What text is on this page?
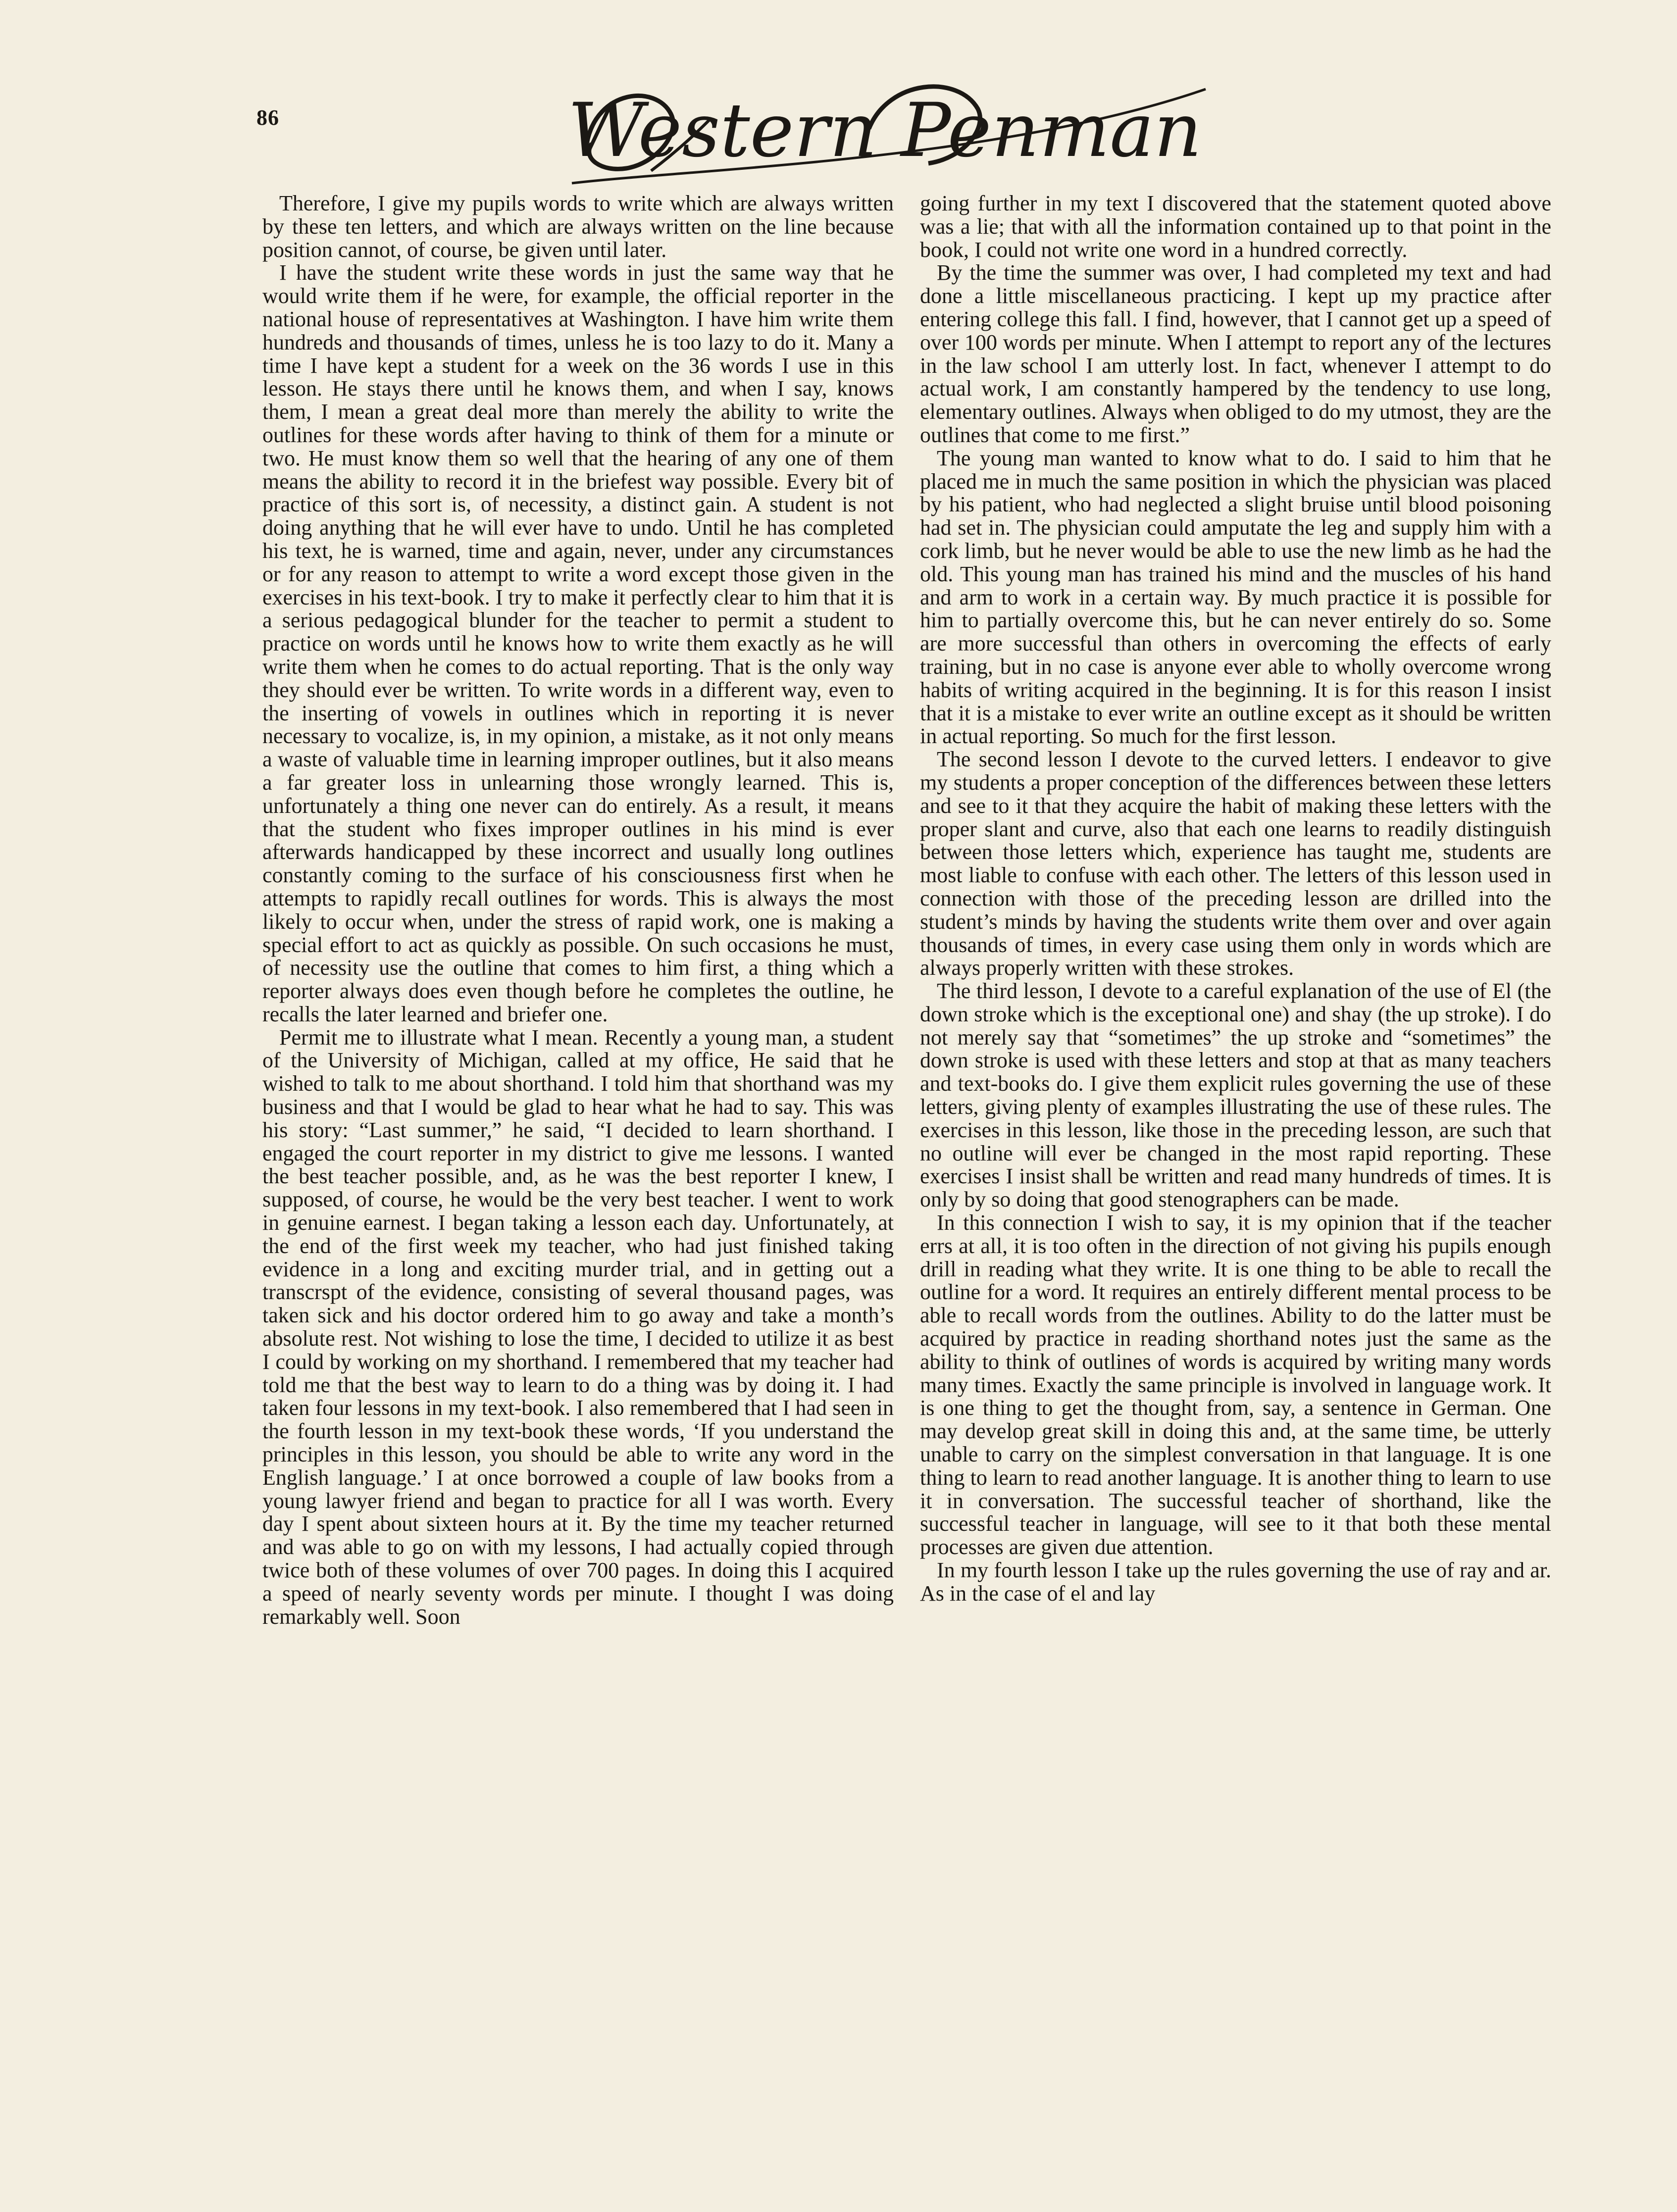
86	Western Penman

Therefore, I give my pupils words to write which are always written by these ten letters, and which are always written on the line because position cannot, of course, be given until later.

I have the student write these words in just the same way that he would write them if he were, for example, the official reporter in the national house of representatives at Washington. I have him write them hundreds and thousands of times, unless he is too lazy to do it. Many a time I have kept a student for a week on the 36 words I use in this lesson. He stays there until he knows them, and when I say, knows them, I mean a great deal more than merely the ability to write the outlines for these words after having to think of them for a minute or two. He must know them so well that the hearing of any one of them means the ability to record it in the briefest way possible. Every bit of practice of this sort is, of necessity, a distinct gain. A student is not doing anything that he will ever have to undo. Until he has completed his text, he is warned, time and again, never, under any circumstances or for any reason to attempt to write a word except those given in the exercises in his text-book. I try to make it perfectly clear to him that it is a serious pedagogical blunder for the teacher to permit a student to practice on words until he knows how to write them exactly as he will write them when he comes to do actual reporting. That is the only way they should ever be written. To write words in a different way, even to the inserting of vowels in outlines which in reporting it is never necessary to vocalize, is, in my opinion, a mistake, as it not only means a waste of valuable time in learning improper outlines, but it also means a far greater loss in unlearning those wrongly learned. This is, unfortunately a thing one never can do entirely. As a result, it means that the student who fixes improper outlines in his mind is ever afterwards handicapped by these incorrect and usually long outlines constantly coming to the surface of his consciousness first when he attempts to rapidly recall outlines for words. This is always the most likely to occur when, under the stress of rapid work, one is making a special effort to act as quickly as possible. On such occasions he must, of necessity use the outline that comes to him first, a thing which a reporter always does even though before he completes the outline, he recalls the later learned and briefer one.

Permit me to illustrate what I mean. Recently a young man, a student of the University of Michigan, called at my office, He said that he wished to talk to me about shorthand. I told him that shorthand was my business and that I would be glad to hear what he had to say. This was his story: “Last summer,” he said, “I decided to learn shorthand. I engaged the court reporter in my district to give me lessons. I wanted the best teacher possible, and, as he was the best reporter I knew, I supposed, of course, he would be the very best teacher. I went to work in genuine earnest. I began taking a lesson each day. Unfortunately, at the end of the first week my teacher, who had just finished taking evidence in a long and exciting murder trial, and in getting out a transcrspt of the evidence, consisting of several thousand pages, was taken sick and his doctor ordered him to go away and take a month’s absolute rest. Not wishing to lose the time, I decided to utilize it as best I could by working on my shorthand. I remembered that my teacher had told me that the best way to learn to do a thing was by doing it. I had taken four lessons in my text-book. I also remembered that I had seen in the fourth lesson in my text-book these words, ‘If you understand the principles in this lesson, you should be able to write any word in the English language.’ I at once borrowed a couple of law books from a young lawyer friend and began to practice for all I was worth. Every day I spent about sixteen hours at it. By the time my teacher returned and was able to go on with my lessons, I had actually copied through twice both of these volumes of over 700 pages. In doing this I acquired a speed of nearly seventy words per minute. I thought I was doing remarkably well. Soon

going further in my text I discovered that the statement quoted above was a lie; that with all the information contained up to that point in the book, I could not write one word in a hundred correctly.

By the time the summer was over, I had completed my text and had done a little miscellaneous practicing. I kept up my practice after entering college this fall. I find, however, that I cannot get up a speed of over 100 words per minute. When I attempt to report any of the lectures in the law school I am utterly lost. In fact, whenever I attempt to do actual work, I am constantly hampered by the tendency to use long, elementary outlines. Always when obliged to do my utmost, they are the outlines that come to me first.”

The young man wanted to know what to do. I said to him that he placed me in much the same position in which the physician was placed by his patient, who had neglected a slight bruise until blood poisoning had set in. The physician could amputate the leg and supply him with a cork limb, but he never would be able to use the new limb as he had the old. This young man has trained his mind and the muscles of his hand and arm to work in a certain way. By much practice it is possible for him to partially overcome this, but he can never entirely do so. Some are more successful than others in overcoming the effects of early training, but in no case is anyone ever able to wholly overcome wrong habits of writing acquired in the beginning. It is for this reason I insist that it is a mistake to ever write an outline except as it should be written in actual reporting. So much for the first lesson.

The second lesson I devote to the curved letters. I endeavor to give my students a proper conception of the differences between these letters and see to it that they acquire the habit of making these letters with the proper slant and curve, also that each one learns to readily distinguish between those letters which, experience has taught me, students are most liable to confuse with each other. The letters of this lesson used in connection with those of the preceding lesson are drilled into the student’s minds by having the students write them over and over again thousands of times, in every case using them only in words which are always properly written with these strokes.

The third lesson, I devote to a careful explanation of the use of El (the down stroke which is the exceptional one) and shay (the up stroke). I do not merely say that “sometimes” the up stroke and “sometimes” the down stroke is used with these letters and stop at that as many teachers and text-books do. I give them explicit rules governing the use of these letters, giving plenty of examples illustrating the use of these rules. The exercises in this lesson, like those in the preceding lesson, are such that no outline will ever be changed in the most rapid reporting. These exercises I insist shall be written and read many hundreds of times. It is only by so doing that good stenographers can be made.

In this connection I wish to say, it is my opinion that if the teacher errs at all, it is too often in the direction of not giving his pupils enough drill in reading what they write. It is one thing to be able to recall the outline for a word. It requires an entirely different mental process to be able to recall words from the outlines. Ability to do the latter must be acquired by practice in reading shorthand notes just the same as the ability to think of outlines of words is acquired by writing many words many times. Exactly the same principle is involved in language work. It is one thing to get the thought from, say, a sentence in German. One may develop great skill in doing this and, at the same time, be utterly unable to carry on the simplest conversation in that language. It is one thing to learn to read another language. It is another thing to learn to use it in conversation. The successful teacher of shorthand, like the successful teacher in language, will see to it that both these mental processes are given due attention.

In my fourth lesson I take up the rules governing the use of ray and ar. As in the case of el and lay
